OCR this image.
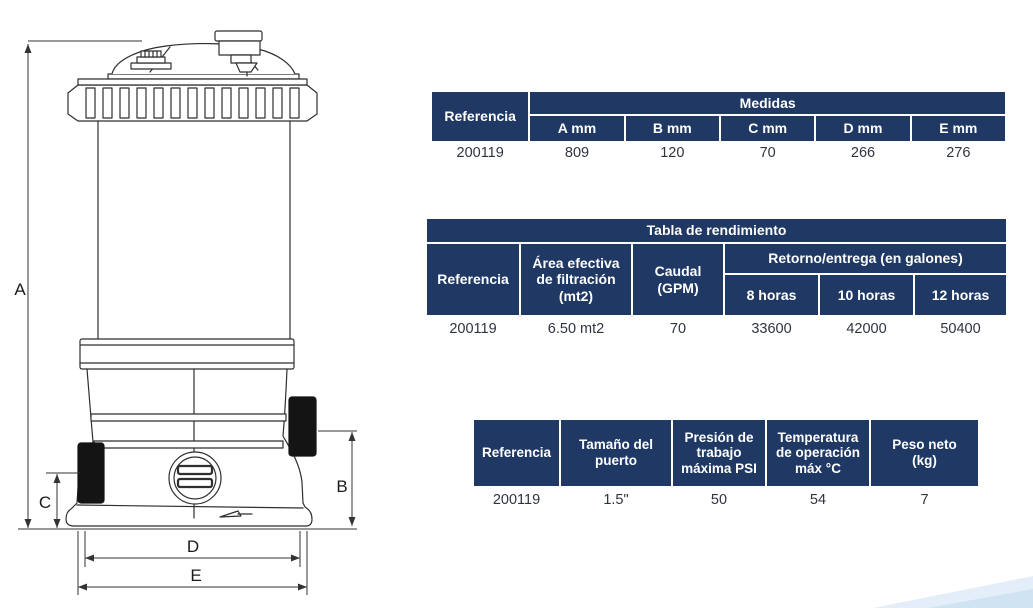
A
B
C
D
E
Referencia	Medidas				
	A mm	B mm	C mm	D mm	E mm
200119	809	120	70	266	276
Tabla de rendimiento					
Referencia	Área efectiva de filtración (mt2)	Caudal (GPM)	Retorno/entrega (en galones)		
			8 horas	10 horas	12 horas
200119	6.50 mt2	70	33600	42000	50400
Referencia	Tamaño del puerto	Presión de trabajo máxima PSI	Temperatura de operación máx °C	Peso neto (kg)
200119	1.5"	50	54	7
